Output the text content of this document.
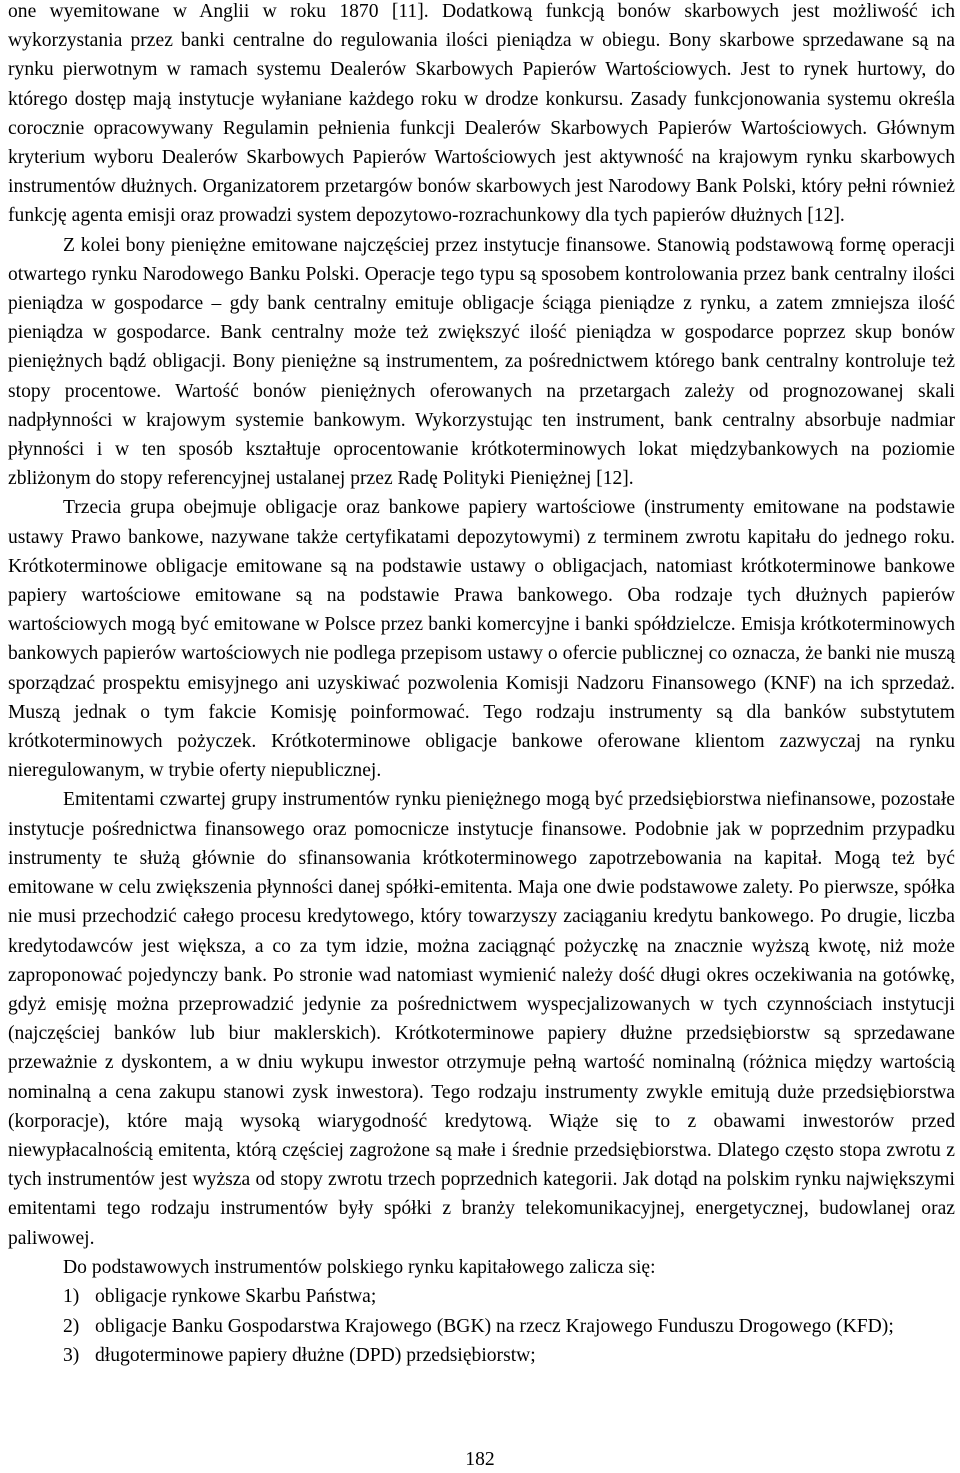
one wyemitowane w Anglii w roku 1870 [11]. Dodatkową funkcją bonów skarbowych jest możliwość ich wykorzystania przez banki centralne do regulowania ilości pieniądza w obiegu. Bony skarbowe sprzedawane są na rynku pierwotnym w ramach systemu Dealerów Skarbowych Papierów Wartościowych. Jest to rynek hurtowy, do którego dostęp mają instytucje wyłaniane każdego roku w drodze konkursu. Zasady funkcjonowania systemu określa corocznie opracowywany Regulamin pełnienia funkcji Dealerów Skarbowych Papierów Wartościowych. Głównym kryterium wyboru Dealerów Skarbowych Papierów Wartościowych jest aktywność na krajowym rynku skarbowych instrumentów dłużnych. Organizatorem przetargów bonów skarbowych jest Narodowy Bank Polski, który pełni również funkcję agenta emisji oraz prowadzi system depozytowo-rozrachunkowy dla tych papierów dłużnych [12].

Z kolei bony pieniężne emitowane najczęściej przez instytucje finansowe. Stanowią podstawową formę operacji otwartego rynku Narodowego Banku Polski. Operacje tego typu są sposobem kontrolowania przez bank centralny ilości pieniądza w gospodarce – gdy bank centralny emituje obligacje ściąga pieniądze z rynku, a zatem zmniejsza ilość pieniądza w gospodarce. Bank centralny może też zwiększyć ilość pieniądza w gospodarce poprzez skup bonów pieniężnych bądź obligacji. Bony pieniężne są instrumentem, za pośrednictwem którego bank centralny kontroluje też stopy procentowe. Wartość bonów pieniężnych oferowanych na przetargach zależy od prognozowanej skali nadpłynności w krajowym systemie bankowym. Wykorzystując ten instrument, bank centralny absorbuje nadmiar płynności i w ten sposób kształtuje oprocentowanie krótkoterminowych lokat międzybankowych na poziomie zbliżonym do stopy referencyjnej ustalanej przez Radę Polityki Pieniężnej [12].

Trzecia grupa obejmuje obligacje oraz bankowe papiery wartościowe (instrumenty emitowane na podstawie ustawy Prawo bankowe, nazywane także certyfikatami depozytowymi) z terminem zwrotu kapitału do jednego roku. Krótkoterminowe obligacje emitowane są na podstawie ustawy o obligacjach, natomiast krótkoterminowe bankowe papiery wartościowe emitowane są na podstawie Prawa bankowego. Oba rodzaje tych dłużnych papierów wartościowych mogą być emitowane w Polsce przez banki komercyjne i banki spółdzielcze. Emisja krótkoterminowych bankowych papierów wartościowych nie podlega przepisom ustawy o ofercie publicznej co oznacza, że banki nie muszą sporządzać prospektu emisyjnego ani uzyskiwać pozwolenia Komisji Nadzoru Finansowego (KNF) na ich sprzedaż. Muszą jednak o tym fakcie Komisję poinformować. Tego rodzaju instrumenty są dla banków substytutem krótkoterminowych pożyczek. Krótkoterminowe obligacje bankowe oferowane klientom zazwyczaj na rynku nieregulowanym, w trybie oferty niepublicznej.

Emitentami czwartej grupy instrumentów rynku pieniężnego mogą być przedsiębiorstwa niefinansowe, pozostałe instytucje pośrednictwa finansowego oraz pomocnicze instytucje finansowe. Podobnie jak w poprzednim przypadku instrumenty te służą głównie do sfinansowania krótkoterminowego zapotrzebowania na kapitał. Mogą też być emitowane w celu zwiększenia płynności danej spółki-emitenta. Maja one dwie podstawowe zalety. Po pierwsze, spółka nie musi przechodzić całego procesu kredytowego, który towarzyszy zaciąganiu kredytu bankowego. Po drugie, liczba kredytodawców jest większa, a co za tym idzie, można zaciągnąć pożyczkę na znacznie wyższą kwotę, niż może zaproponować pojedynczy bank. Po stronie wad natomiast wymienić należy dość długi okres oczekiwania na gotówkę, gdyż emisję można przeprowadzić jedynie za pośrednictwem wyspecjalizowanych w tych czynnościach instytucji (najczęściej banków lub biur maklerskich). Krótkoterminowe papiery dłużne przedsiębiorstw są sprzedawane przeważnie z dyskontem, a w dniu wykupu inwestor otrzymuje pełną wartość nominalną (różnica między wartością nominalną a cena zakupu stanowi zysk inwestora). Tego rodzaju instrumenty zwykle emitują duże przedsiębiorstwa (korporacje), które mają wysoką wiarygodność kredytową. Wiąże się to z obawami inwestorów przed niewypłacalnością emitenta, którą częściej zagrożone są małe i średnie przedsiębiorstwa. Dlatego często stopa zwrotu z tych instrumentów jest wyższa od stopy zwrotu trzech poprzednich kategorii. Jak dotąd na polskim rynku największymi emitentami tego rodzaju instrumentów były spółki z branży telekomunikacyjnej, energetycznej, budowlanej oraz paliwowej.

Do podstawowych instrumentów polskiego rynku kapitałowego zalicza się:

1) obligacje rynkowe Skarbu Państwa;
2) obligacje Banku Gospodarstwa Krajowego (BGK) na rzecz Krajowego Funduszu Drogowego (KFD);
3) długoterminowe papiery dłużne (DPD) przedsiębiorstw;
182
